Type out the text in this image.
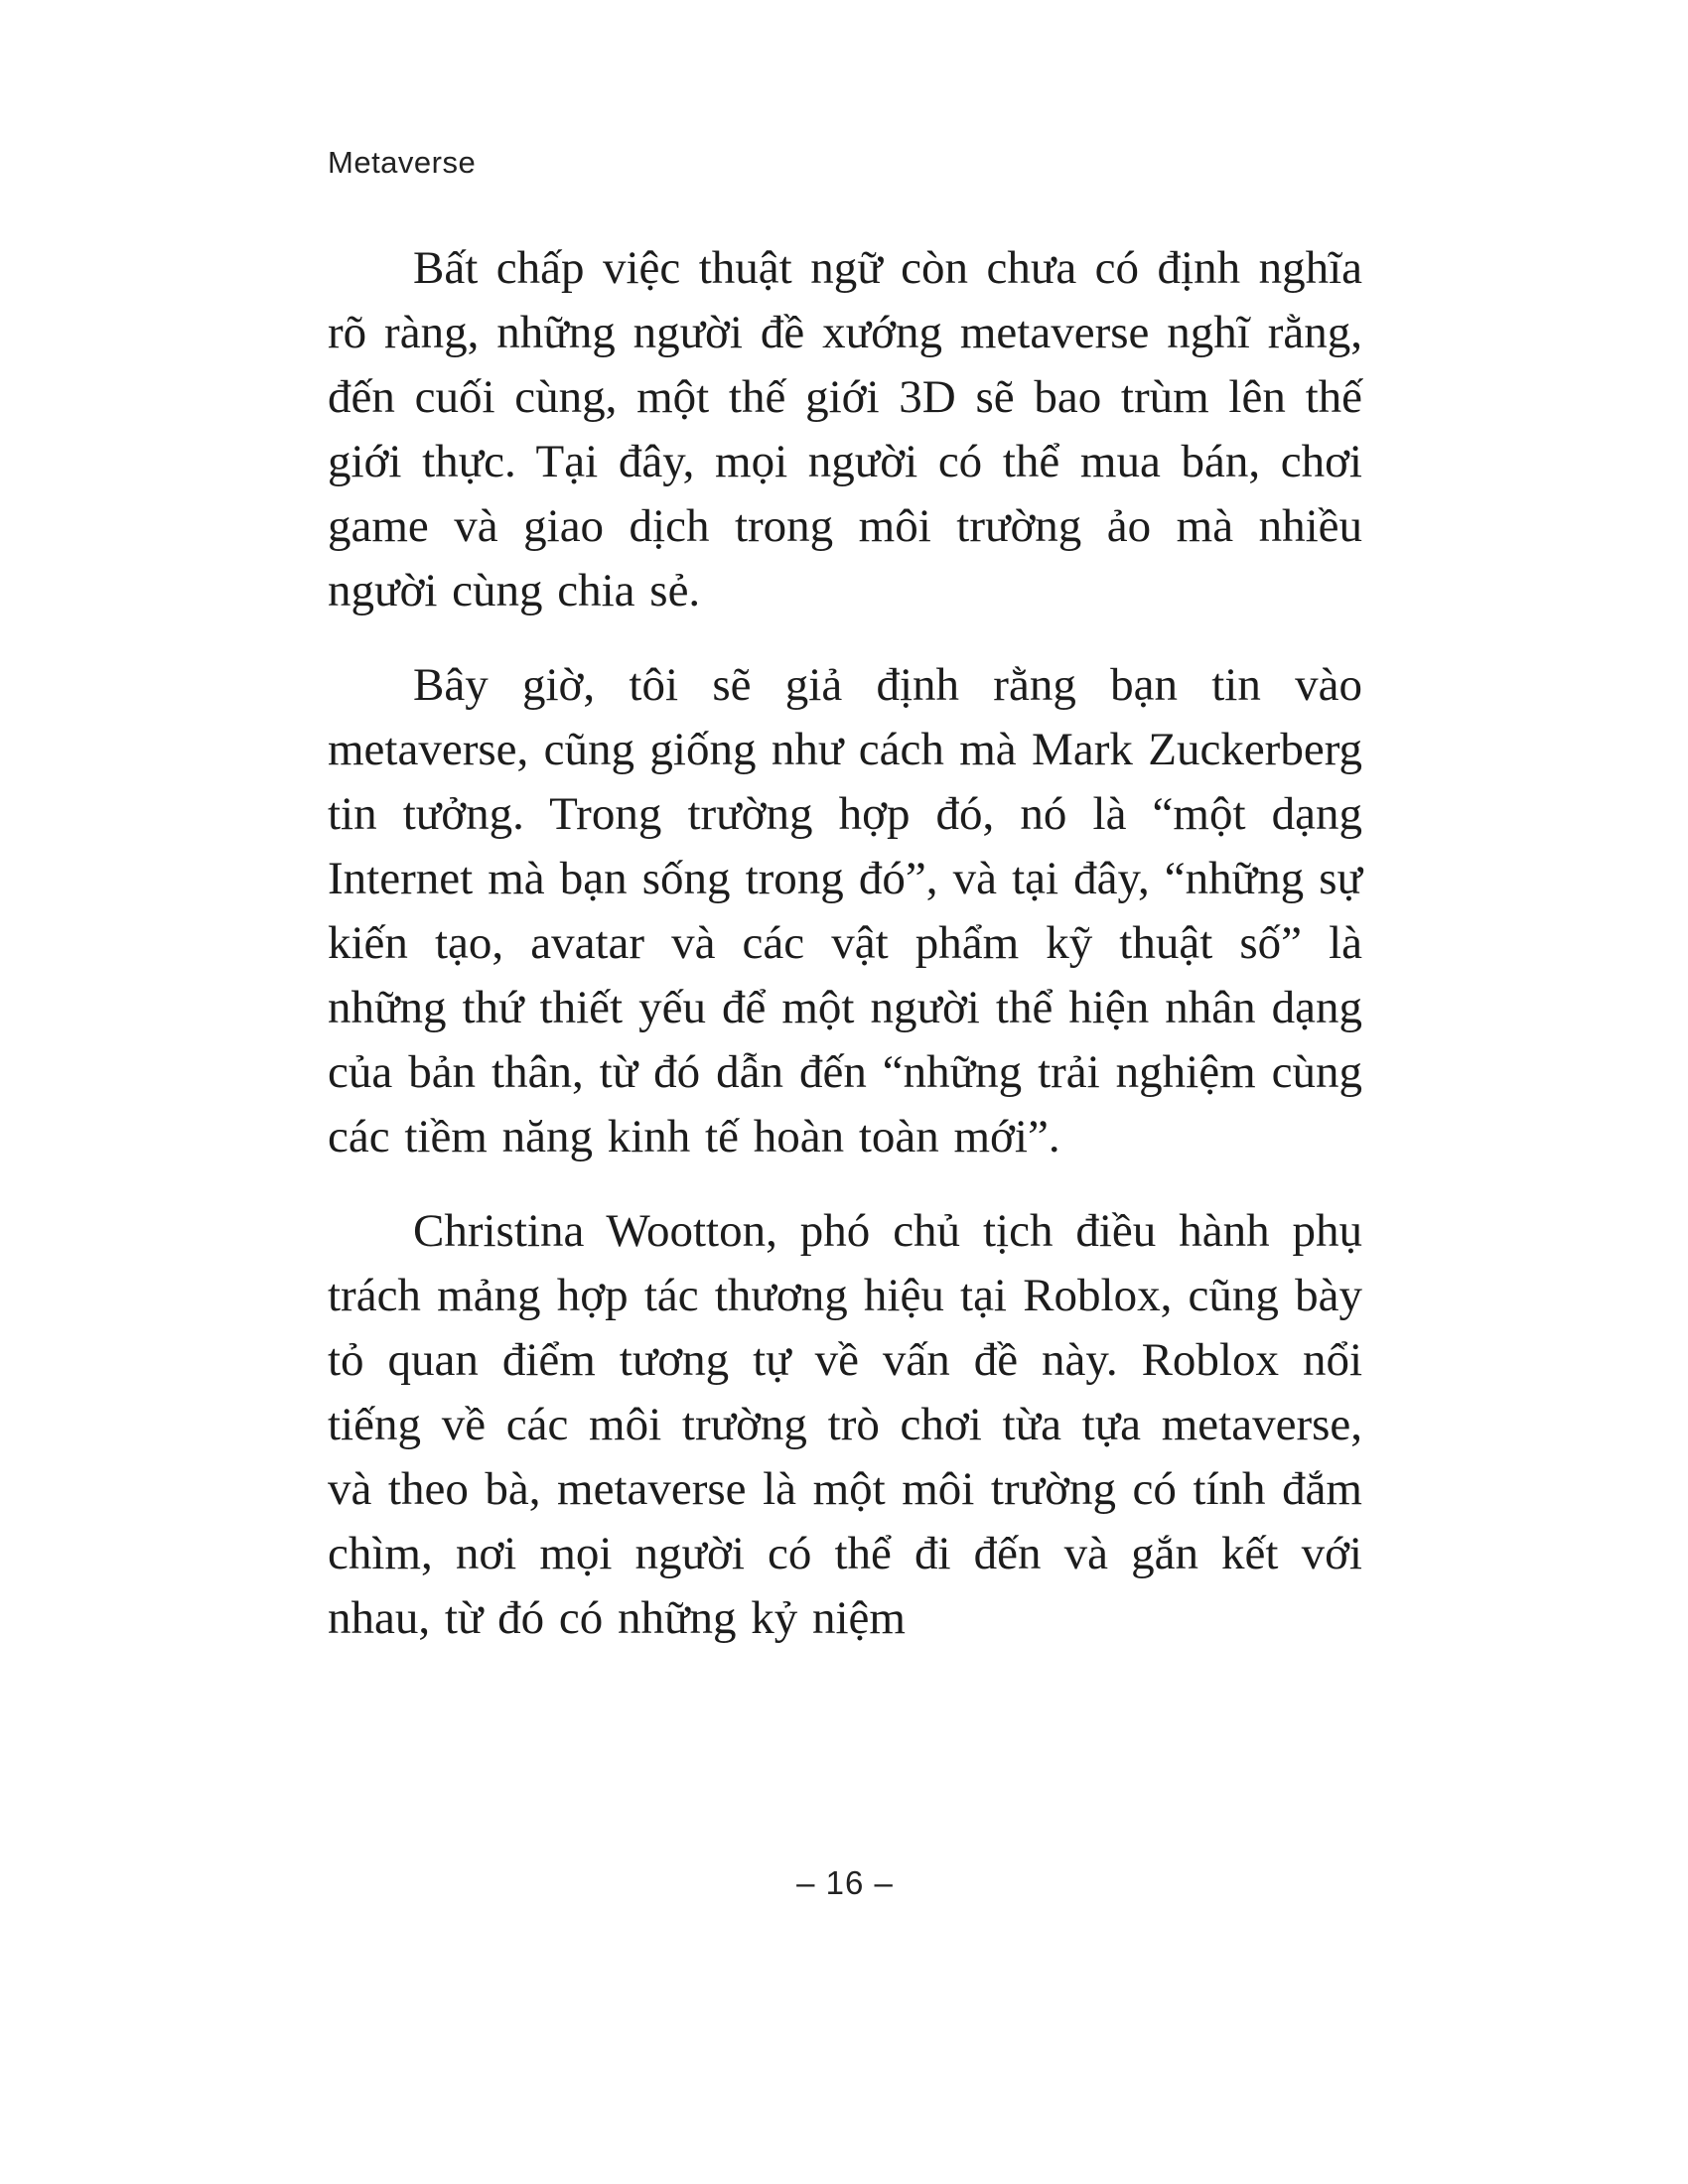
Metaverse

Bất chấp việc thuật ngữ còn chưa có định nghĩa rõ ràng, những người đề xướng metaverse nghĩ rằng, đến cuối cùng, một thế giới 3D sẽ bao trùm lên thế giới thực. Tại đây, mọi người có thể mua bán, chơi game và giao dịch trong môi trường ảo mà nhiều người cùng chia sẻ.

Bây giờ, tôi sẽ giả định rằng bạn tin vào metaverse, cũng giống như cách mà Mark Zuckerberg tin tưởng. Trong trường hợp đó, nó là “một dạng Internet mà bạn sống trong đó”, và tại đây, “những sự kiến tạo, avatar và các vật phẩm kỹ thuật số” là những thứ thiết yếu để một người thể hiện nhân dạng của bản thân, từ đó dẫn đến “những trải nghiệm cùng các tiềm năng kinh tế hoàn toàn mới”.

Christina Wootton, phó chủ tịch điều hành phụ trách mảng hợp tác thương hiệu tại Roblox, cũng bày tỏ quan điểm tương tự về vấn đề này. Roblox nổi tiếng về các môi trường trò chơi từa tựa metaverse, và theo bà, metaverse là một môi trường có tính đắm chìm, nơi mọi người có thể đi đến và gắn kết với nhau, từ đó có những kỷ niệm

– 16 –
